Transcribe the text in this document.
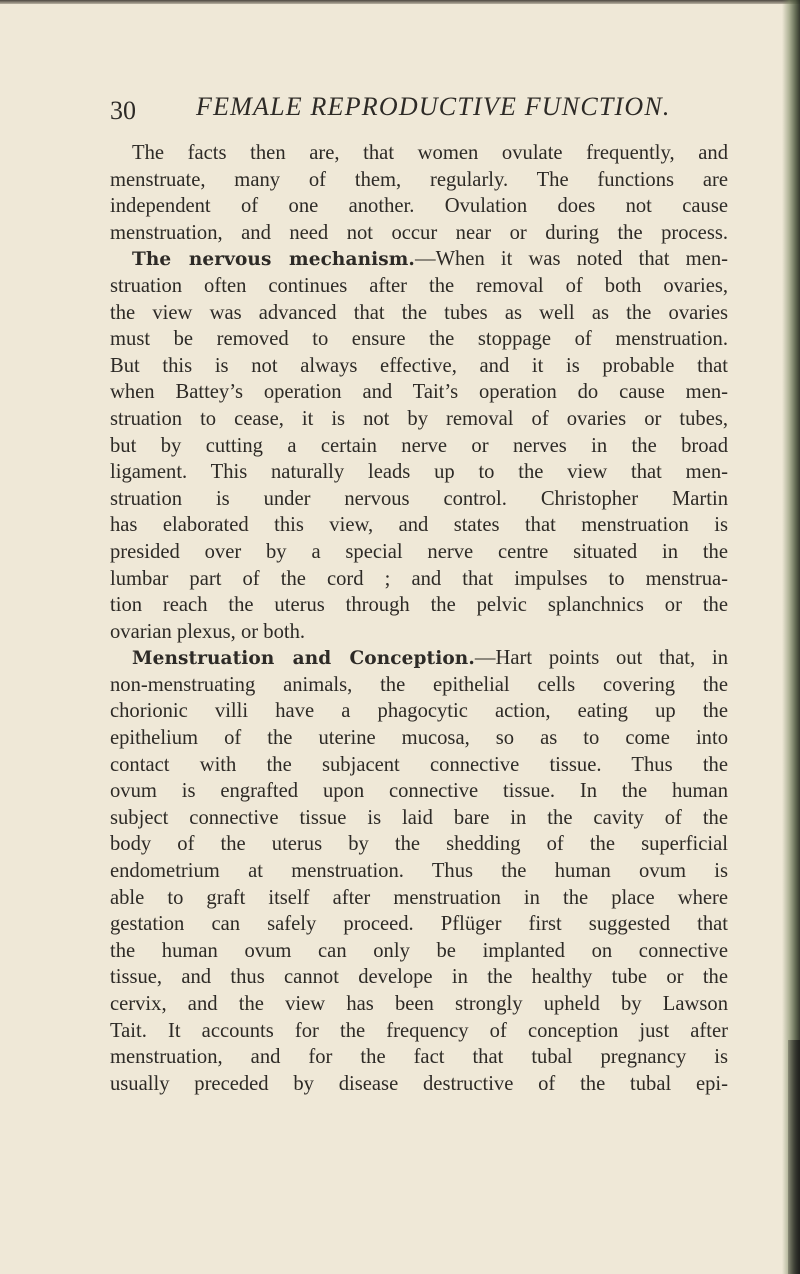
30 FEMALE REPRODUCTIVE FUNCTION.
The facts then are, that women ovulate frequently, and
menstruate, many of them, regularly. The functions are
independent of one another. Ovulation does not cause
menstruation, and need not occur near or during the process.
The nervous mechanism.—When it was noted that men-
struation often continues after the removal of both ovaries,
the view was advanced that the tubes as well as the ovaries
must be removed to ensure the stoppage of menstruation.
But this is not always effective, and it is probable that
when Battey’s operation and Tait’s operation do cause men-
struation to cease, it is not by removal of ovaries or tubes,
but by cutting a certain nerve or nerves in the broad
ligament. This naturally leads up to the view that men-
struation is under nervous control. Christopher Martin
has elaborated this view, and states that menstruation is
presided over by a special nerve centre situated in the
lumbar part of the cord ; and that impulses to menstrua-
tion reach the uterus through the pelvic splanchnics or the
ovarian plexus, or both.
Menstruation and Conception.—Hart points out that, in
non-menstruating animals, the epithelial cells covering the
chorionic villi have a phagocytic action, eating up the
epithelium of the uterine mucosa, so as to come into
contact with the subjacent connective tissue. Thus the
ovum is engrafted upon connective tissue. In the human
subject connective tissue is laid bare in the cavity of the
body of the uterus by the shedding of the superficial
endometrium at menstruation. Thus the human ovum is
able to graft itself after menstruation in the place where
gestation can safely proceed. Pflüger first suggested that
the human ovum can only be implanted on connective
tissue, and thus cannot develope in the healthy tube or the
cervix, and the view has been strongly upheld by Lawson
Tait. It accounts for the frequency of conception just after
menstruation, and for the fact that tubal pregnancy is
usually preceded by disease destructive of the tubal epi-
